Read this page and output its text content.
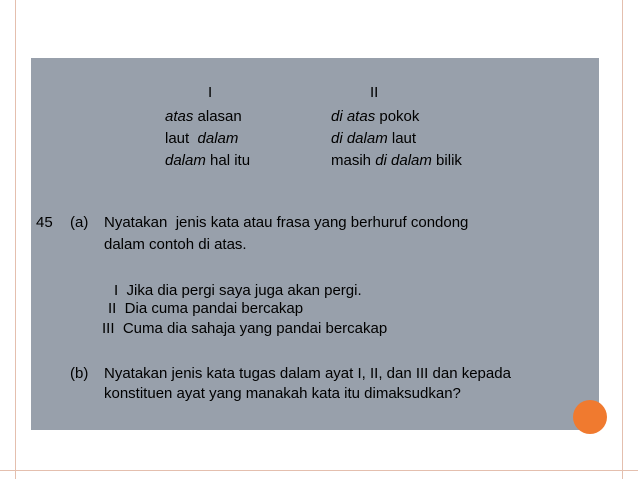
I	II

atas alasan

laut  dalam

dalam hal itu

di atas pokok

di dalam laut

masih di dalam bilik

45 (a) Nyatakan  jenis kata atau frasa yang berhuruf condong

dalam contoh di atas.

I  Jika dia pergi saya juga akan pergi.

II  Dia cuma pandai bercakap

III  Cuma dia sahaja yang pandai bercakap

(b) Nyatakan jenis kata tugas dalam ayat I, II, dan III dan kepada

konstituen ayat yang manakah kata itu dimaksudkan?
